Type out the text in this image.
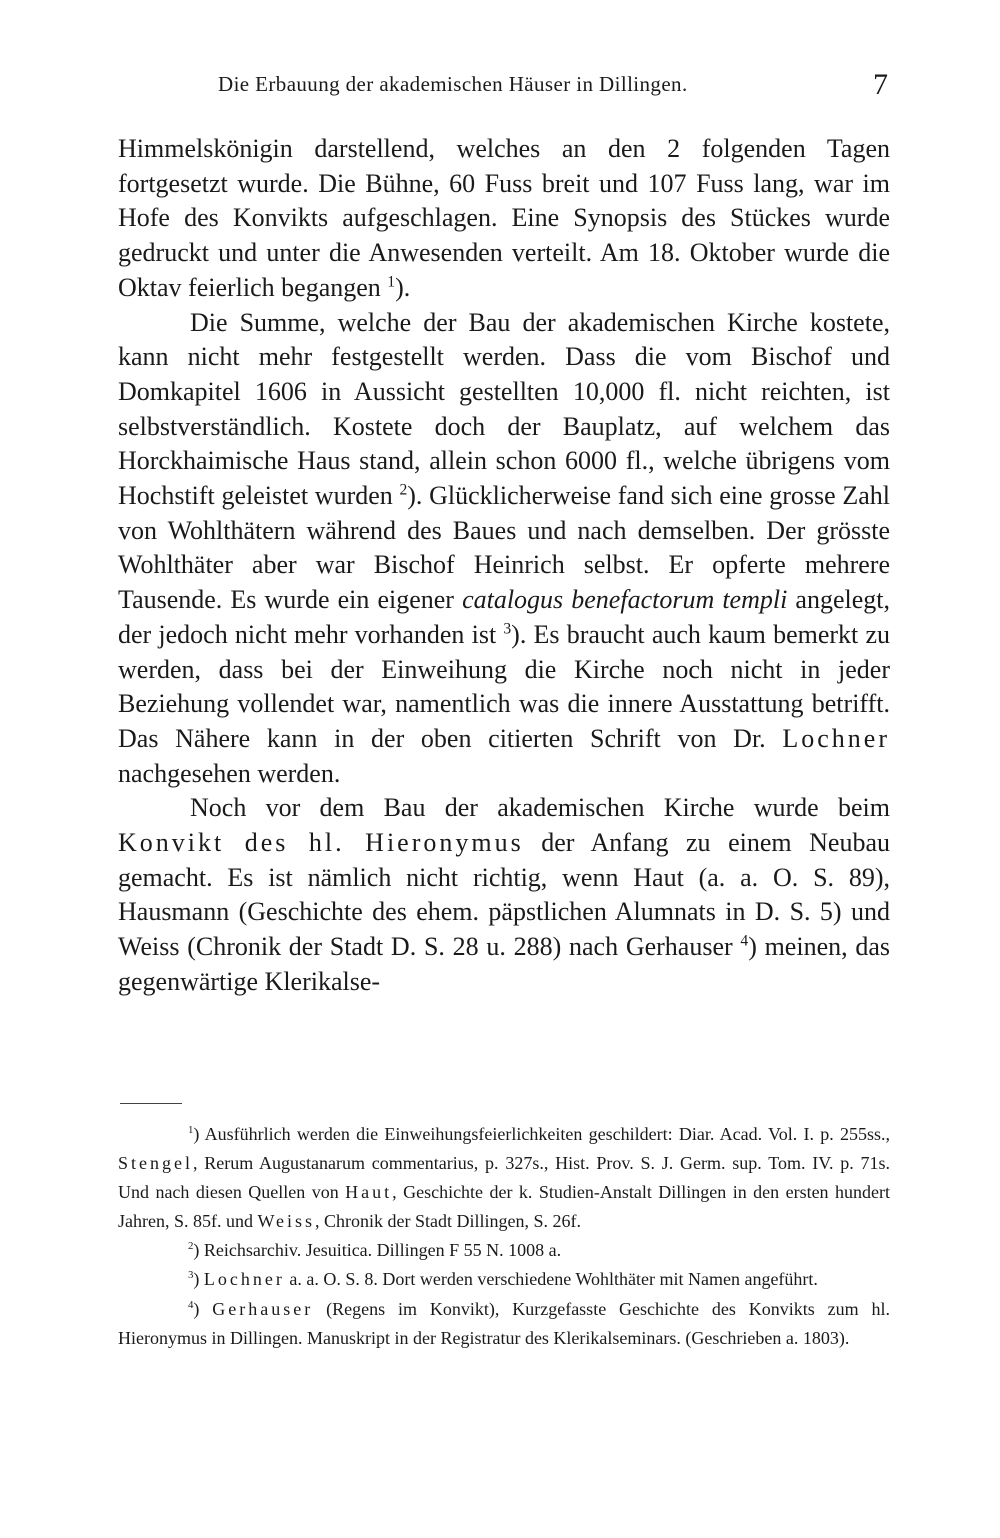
Die Erbauung der akademischen Häuser in Dillingen.	7

Himmelskönigin darstellend, welches an den 2 folgenden Tagen fortgesetzt wurde. Die Bühne, 60 Fuss breit und 107 Fuss lang, war im Hofe des Konvikts aufgeschlagen. Eine Synopsis des Stückes wurde gedruckt und unter die Anwesenden verteilt. Am 18. Oktober wurde die Oktav feierlich begangen $^1$).

Die Summe, welche der Bau der akademischen Kirche kostete, kann nicht mehr festgestellt werden. Dass die vom Bischof und Domkapitel 1606 in Aussicht gestellten 10,000 fl. nicht reichten, ist selbstverständlich. Kostete doch der Bauplatz, auf welchem das Horckhaimische Haus stand, allein schon 6000 fl., welche übrigens vom Hochstift geleistet wurden $^2$). Glücklicherweise fand sich eine grosse Zahl von Wohlthätern während des Baues und nach demselben. Der grösste Wohlthäter aber war Bischof Heinrich selbst. Er opferte mehrere Tausende. Es wurde ein eigener catalogus benefactorum templi angelegt, der jedoch nicht mehr vorhanden ist $^3$). Es braucht auch kaum bemerkt zu werden, dass bei der Einweihung die Kirche noch nicht in jeder Beziehung vollendet war, namentlich was die innere Ausstattung betrifft. Das Nähere kann in der oben citierten Schrift von Dr. Lochner nachgesehen werden.

Noch vor dem Bau der akademischen Kirche wurde beim Konvikt des hl. Hieronymus der Anfang zu einem Neubau gemacht. Es ist nämlich nicht richtig, wenn Haut (a. a. O. S. 89), Hausmann (Geschichte des ehem. päpstlichen Alumnats in D. S. 5) und Weiss (Chronik der Stadt D. S. 28 u. 288) nach Gerhauser $^4$) meinen, das gegenwärtige Klerikalse-

$^1$) Ausführlich werden die Einweihungsfeierlichkeiten geschildert: Diar. Acad. Vol. I. p. 255ss., Stengel, Rerum Augustanarum commentarius, p. 327s., Hist. Prov. S. J. Germ. sup. Tom. IV. p. 71s. Und nach diesen Quellen von Haut, Geschichte der k. Studien-Anstalt Dillingen in den ersten hundert Jahren, S. 85f. und Weiss, Chronik der Stadt Dillingen, S. 26f.

$^2$) Reichsarchiv. Jesuitica. Dillingen F 55 N. 1008 a.

$^3$) Lochner a. a. O. S. 8. Dort werden verschiedene Wohlthäter mit Namen angeführt.

$^4$) Gerhauser (Regens im Konvikt), Kurzgefasste Geschichte des Konvikts zum hl. Hieronymus in Dillingen. Manuskript in der Registratur des Klerikalseminars. (Geschrieben a. 1803).
